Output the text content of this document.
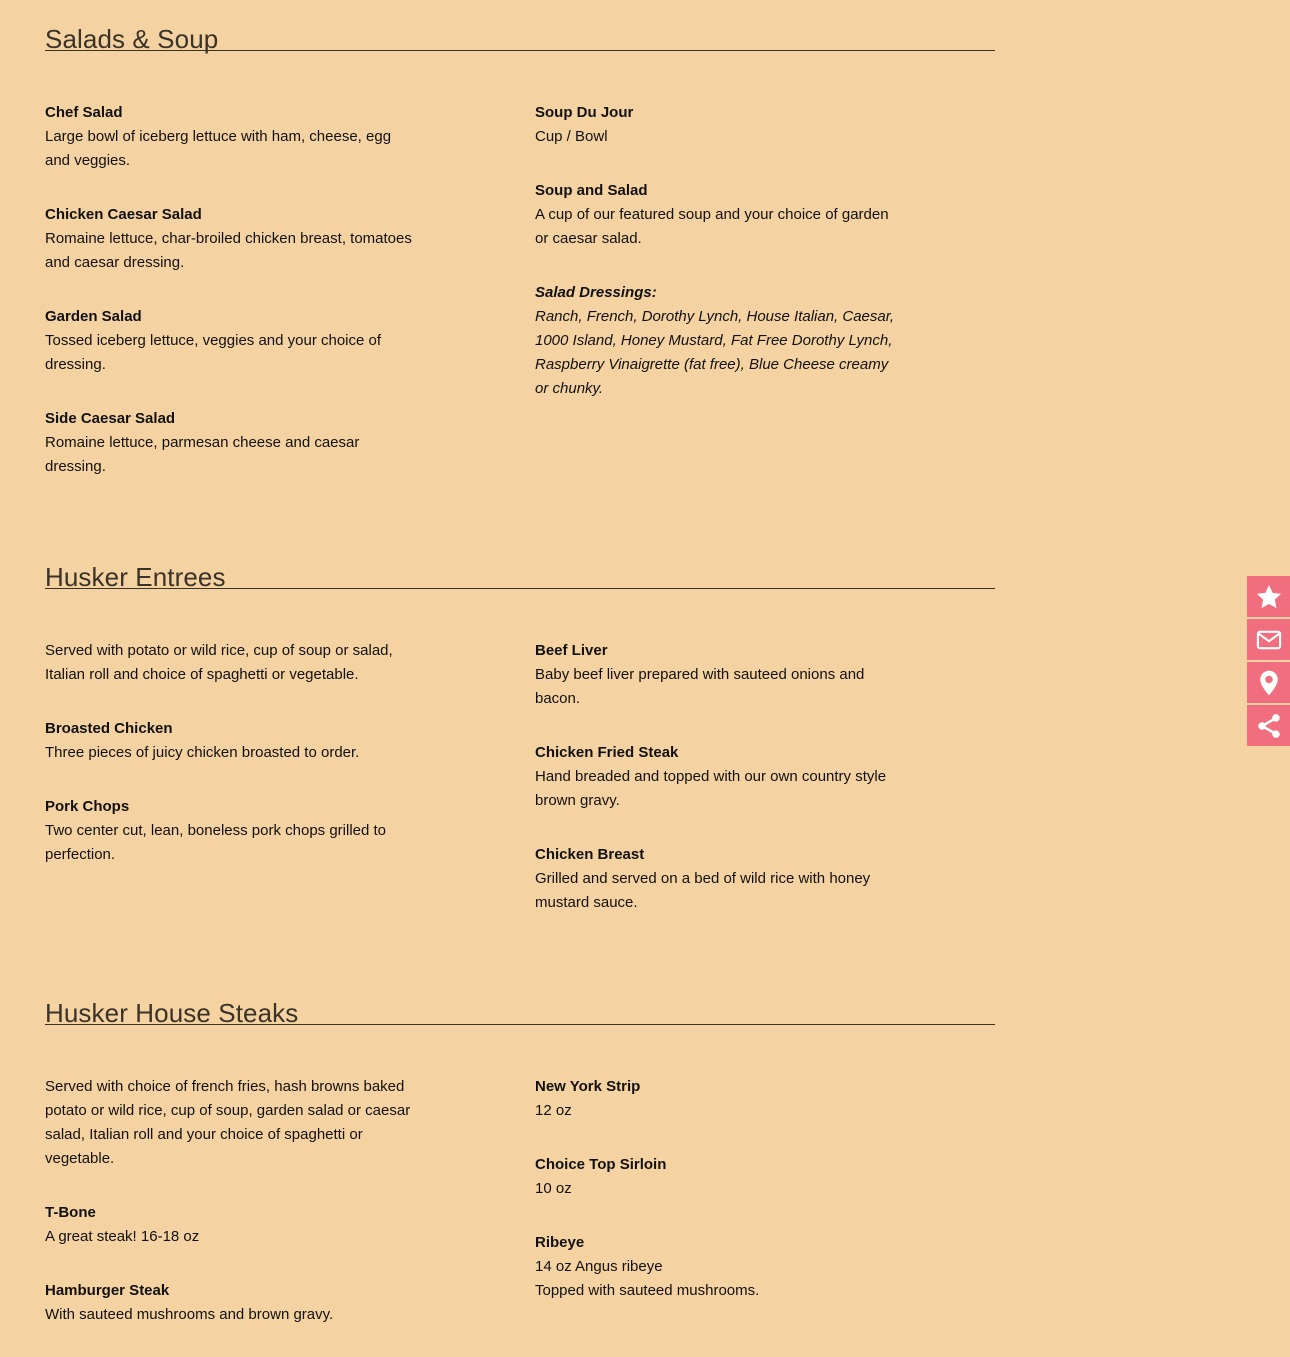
Salads & Soup
Chef Salad
Large bowl of iceberg lettuce with ham, cheese, egg and veggies.
Chicken Caesar Salad
Romaine lettuce, char-broiled chicken breast, tomatoes and caesar dressing.
Garden Salad
Tossed iceberg lettuce, veggies and your choice of dressing.
Side Caesar Salad
Romaine lettuce, parmesan cheese and caesar dressing.
Soup Du Jour
Cup / Bowl
Soup and Salad
A cup of our featured soup and your choice of garden or caesar salad.
Salad Dressings:
Ranch, French, Dorothy Lynch, House Italian, Caesar, 1000 Island, Honey Mustard, Fat Free Dorothy Lynch, Raspberry Vinaigrette (fat free), Blue Cheese creamy or chunky.
Husker Entrees
Served with potato or wild rice, cup of soup or salad, Italian roll and choice of spaghetti or vegetable.
Broasted Chicken
Three pieces of juicy chicken broasted to order.
Pork Chops
Two center cut, lean, boneless pork chops grilled to perfection.
Beef Liver
Baby beef liver prepared with sauteed onions and bacon.
Chicken Fried Steak
Hand breaded and topped with our own country style brown gravy.
Chicken Breast
Grilled and served on a bed of wild rice with honey mustard sauce.
Husker House Steaks
Served with choice of french fries, hash browns baked potato or wild rice, cup of soup, garden salad or caesar salad, Italian roll and your choice of spaghetti or vegetable.
T-Bone
A great steak! 16-18 oz
Hamburger Steak
With sauteed mushrooms and brown gravy.
New York Strip
12 oz
Choice Top Sirloin
10 oz
Ribeye
14 oz Angus ribeye
Topped with sauteed mushrooms.
